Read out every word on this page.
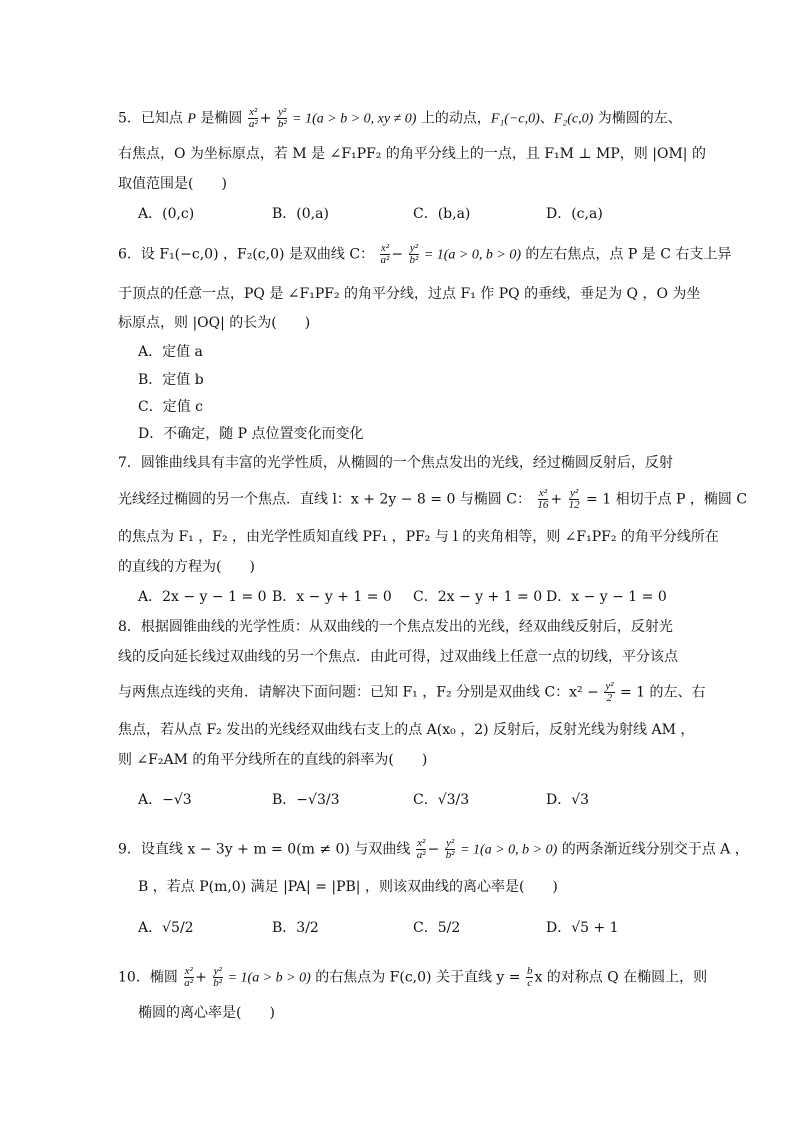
5．已知点 P 是椭圆 $\frac{\text{x²}}{\text{a²}} + \frac{\text{y²}}{\text{b²}} = 1(a > b > 0$, xy ≠ 0) 上的动点，F₁(−c,0)、F₂(c,0) 为椭圆的左、
右焦点，O 为坐标原点，若 M 是 ∠F₁PF₂ 的角平分线上的一点，且 F₁M ⊥ MP，则 |OM| 的
取值范围是(　　)
A．(0,c)	B．(0,a)	C．(b,a)	D．(c,a)
6．设 F₁(−c,0) ，F₂(c,0) 是双曲线 C： $\frac{\text{x²}}{\text{a²}} - \frac{\text{y²}}{\text{b²}} = 1(a > 0$, b > 0) 的左右焦点，点 P 是 C 右支上异
于顶点的任意一点，PQ 是 ∠F₁PF₂ 的角平分线，过点 F₁ 作 PQ 的垂线，垂足为 Q ，O 为坐
标原点，则 |OQ| 的长为(　　)
A．定值 a
B．定值 b
C．定值 c
D．不确定，随 P 点位置变化而变化
7．圆锥曲线具有丰富的光学性质，从椭圆的一个焦点发出的光线，经过椭圆反射后，反射
光线经过椭圆的另一个焦点．直线 l：x + 2y − 8 = 0 与椭圆 C： $\frac{\text{x²}}{16} + \frac{\text{y²}}{12} = 1$ 相切于点 P ，椭圆 C
的焦点为 F₁ ，F₂ ，由光学性质知直线 PF₁ ，PF₂ 与 l 的夹角相等，则 ∠F₁PF₂ 的角平分线所在
的直线的方程为(　　)
A．2x − y − 1 = 0 B．x − y + 1 = 0 C．2x − y + 1 = 0 D．x − y − 1 = 0
8．根据圆锥曲线的光学性质：从双曲线的一个焦点发出的光线，经双曲线反射后，反射光
线的反向延长线过双曲线的另一个焦点．由此可得，过双曲线上任意一点的切线，平分该点
与两焦点连线的夹角．请解决下面问题：已知 F₁ ，F₂ 分别是双曲线 C：$x^2 - \frac{\text{y²}}{2} = 1$ 的左、右
焦点，若从点 F₂ 发出的光线经双曲线右支上的点 A(x₀ ，2) 反射后，反射光线为射线 AM ，
则 ∠F₂AM 的角平分线所在的直线的斜率为(　　)
A．−√3	B．−√3/3	C．√3/3	D．√3
9．设直线 x − 3y + m = 0(m ≠ 0) 与双曲线 $\frac{\text{x²}}{\text{a²}} - \frac{\text{y²}}{\text{b²}} = 1(a > 0$, b > 0) 的两条渐近线分别交于点 A ，
B ，若点 P(m,0) 满足 |PA| = |PB| ，则该双曲线的离心率是(　　)
A．√5/2	B．3/2	C．5/2	D．√5 + 1
10．椭圆 $\frac{\text{x²}}{\text{a²}} + \frac{\text{y²}}{\text{b²}} = 1(a > b > 0)$ 的右焦点为 F(c,0) 关于直线 $y = \frac{b}{c}$ x 的对称点 Q 在椭圆上，则
椭圆的离心率是(　　)
